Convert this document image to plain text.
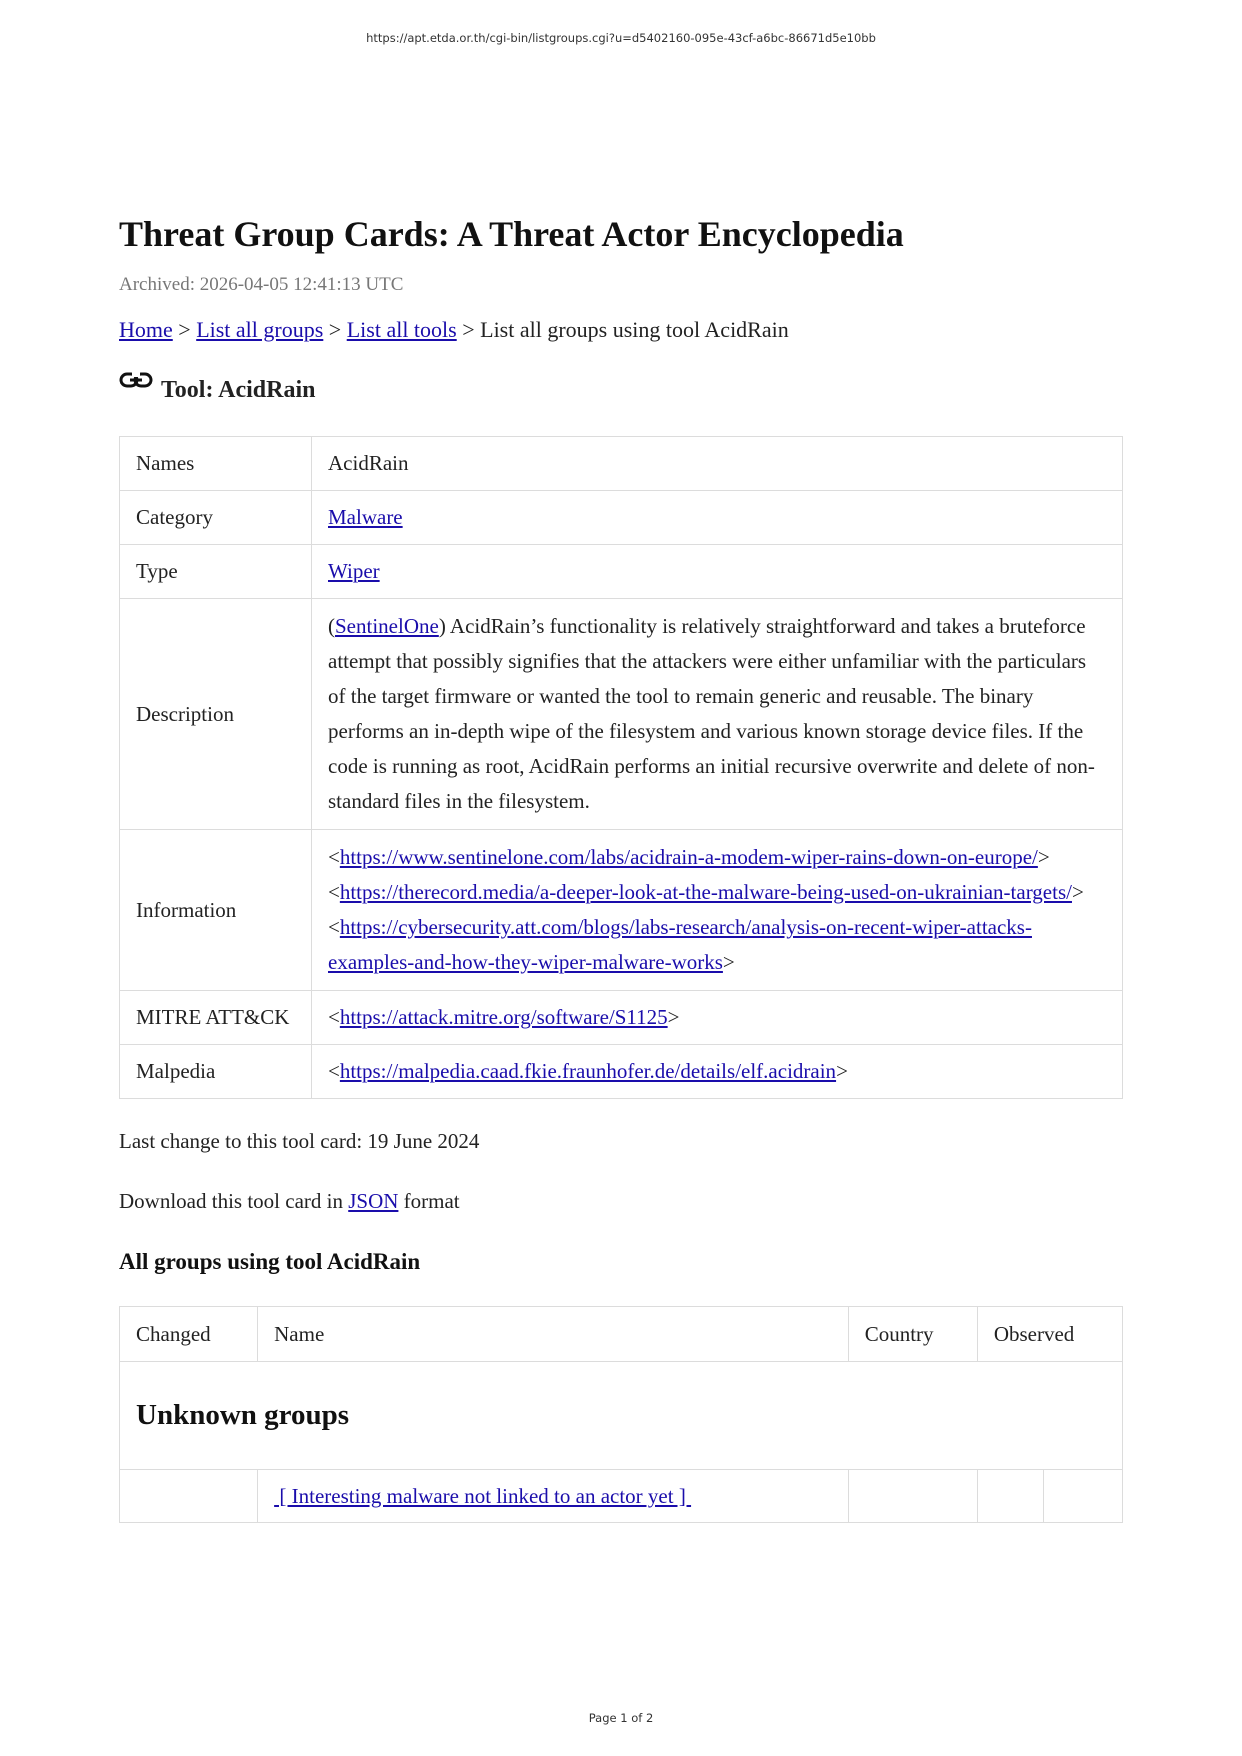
https://apt.etda.or.th/cgi-bin/listgroups.cgi?u=d5402160-095e-43cf-a6bc-86671d5e10bb
Threat Group Cards: A Threat Actor Encyclopedia
Archived: 2026-04-05 12:41:13 UTC
Home > List all groups > List all tools > List all groups using tool AcidRain
Tool: AcidRain
Names	AcidRain
Category	Malware
Type	Wiper
Description	(SentinelOne) AcidRain’s functionality is relatively straightforward and takes a bruteforce attempt that possibly signifies that the attackers were either unfamiliar with the particulars of the target firmware or wanted the tool to remain generic and reusable. The binary performs an in-depth wipe of the filesystem and various known storage device files. If the code is running as root, AcidRain performs an initial recursive overwrite and delete of non-standard files in the filesystem.
Information	<https://www.sentinelone.com/labs/acidrain-a-modem-wiper-rains-down-on-europe/>
<https://therecord.media/a-deeper-look-at-the-malware-being-used-on-ukrainian-targets/>
<https://cybersecurity.att.com/blogs/labs-research/analysis-on-recent-wiper-attacks-examples-and-how-they-wiper-malware-works>
MITRE ATT&CK	<https://attack.mitre.org/software/S1125>
Malpedia	<https://malpedia.caad.fkie.fraunhofer.de/details/elf.acidrain>
Last change to this tool card: 19 June 2024
Download this tool card in JSON format
All groups using tool AcidRain
Changed	Name	Country	Observed	
Unknown groups				
	[ Interesting malware not linked to an actor yet ]			
Page 1 of 2
